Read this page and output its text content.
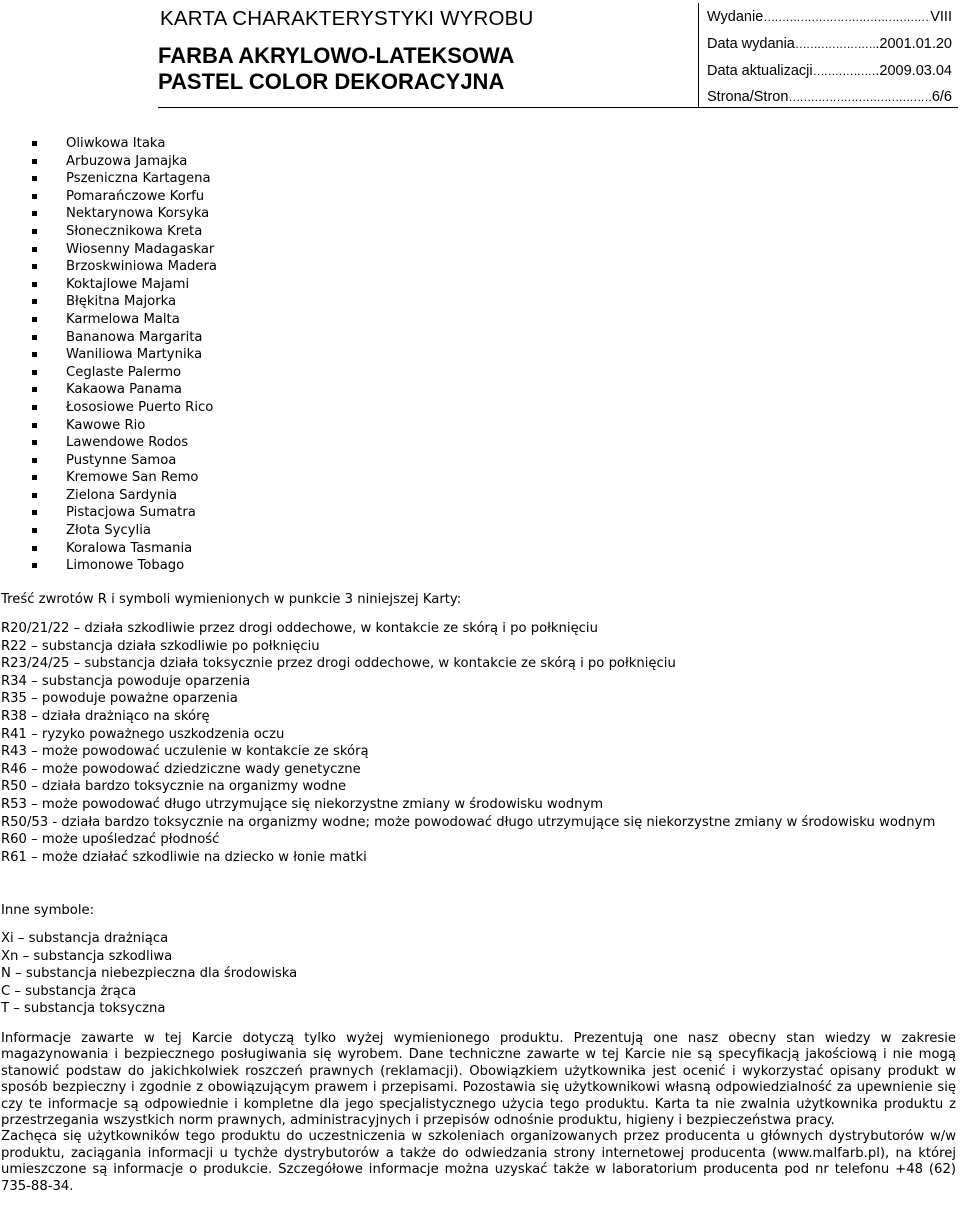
KARTA CHARAKTERYSTYKI WYROBU
FARBA AKRYLOWO-LATEKSOWA
PASTEL COLOR DEKORACYJNA
Wydanie ……………………………………………………………………	VIII
Data wydania ……………………………………………………………………	.2001.01.20
Data aktualizacji ……………………………………………………………………	.2009.03.04
Strona/Stron ……………………………………………………………………	6/6
Oliwkowa Itaka
Arbuzowa Jamajka
Pszeniczna Kartagena
Pomarańczowe Korfu
Nektarynowa Korsyka
Słonecznikowa Kreta
Wiosenny Madagaskar
Brzoskwiniowa Madera
Koktajlowe Majami
Błękitna Majorka
Karmelowa Malta
Bananowa Margarita
Waniliowa Martynika
Ceglaste Palermo
Kakaowa Panama
Łososiowe Puerto Rico
Kawowe Rio
Lawendowe Rodos
Pustynne Samoa
Kremowe San Remo
Zielona Sardynia
Pistacjowa Sumatra
Złota Sycylia
Koralowa Tasmania
Limonowe Tobago
Treść zwrotów R i symboli wymienionych w punkcie 3 niniejszej Karty:
R20/21/22 – działa szkodliwie przez drogi oddechowe, w kontakcie ze skórą i po połknięciu
R22 – substancja działa szkodliwie po połknięciu
R23/24/25 – substancja działa toksycznie przez drogi oddechowe, w kontakcie ze skórą i po połknięciu
R34 – substancja powoduje oparzenia
R35 – powoduje poważne oparzenia
R38 – działa drażniąco na skórę
R41 – ryzyko poważnego uszkodzenia oczu
R43 – może powodować uczulenie w kontakcie ze skórą
R46 – może powodować dziedziczne wady genetyczne
R50 – działa bardzo toksycznie na organizmy wodne
R53 – może powodować długo utrzymujące się niekorzystne zmiany w środowisku wodnym
R50/53 - działa bardzo toksycznie na organizmy wodne; może powodować długo utrzymujące się niekorzystne zmiany w środowisku wodnym
R60 – może upośledzać płodność
R61 – może działać szkodliwie na dziecko w łonie matki
Inne symbole:
Xi – substancja drażniąca
Xn – substancja szkodliwa
N – substancja niebezpieczna dla środowiska
C – substancja żrąca
T – substancja toksyczna

Informacje zawarte w tej Karcie dotyczą tylko wyżej wymienionego produktu. Prezentują one nasz obecny stan wiedzy w zakresie magazynowania i bezpiecznego posługiwania się wyrobem. Dane techniczne zawarte w tej Karcie nie są specyfikacją jakościową i nie mogą stanowić podstaw do jakichkolwiek roszczeń prawnych (reklamacji). Obowiązkiem użytkownika jest ocenić i wykorzystać opisany produkt w sposób bezpieczny i zgodnie z obowiązującym prawem i przepisami. Pozostawia się użytkownikowi własną odpowiedzialność za upewnienie się czy te informacje są odpowiednie i kompletne dla jego specjalistycznego użycia tego produktu. Karta ta nie zwalnia użytkownika produktu z przestrzegania wszystkich norm prawnych, administracyjnych i przepisów odnośnie produktu, higieny i bezpieczeństwa pracy.

Zachęca się użytkowników tego produktu do uczestniczenia w szkoleniach organizowanych przez producenta u głównych dystrybutorów w/w produktu, zaciągania informacji u tychże dystrybutorów a także do odwiedzania strony internetowej producenta (www.malfarb.pl), na której umieszczone są informacje o produkcie. Szczegółowe informacje można uzyskać także w laboratorium producenta pod nr telefonu +48 (62) 735-88-34.
